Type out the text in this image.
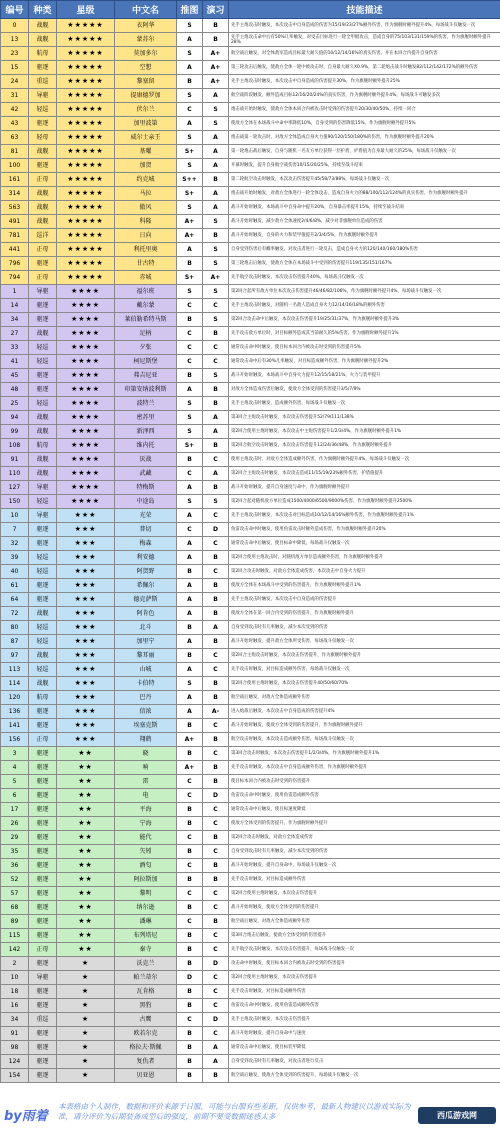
编号	种类	星级	中文名	推图	演习	技能描述
0	战舰	★★★★★	衣阿华	S	B	先手主炮攻击时触发，本次攻击中自身造成的伤害为15/19/23/27%额外伤害，作为旗舰时额外提升4%，每场战斗仅触发一次
13	战舰	★★★★★	蒙苏尔	A	B	先手主炮攻击命中后有50%几率触发，对受击目标进行一轮全甲板攻击，造成自身的75/103/131/159%的伤害，作为旗舰时额外提升28%
23	航母	★★★★★	莫加多尔	S	A+	航空战后触发，对全体敌军造成目标最大耐久值的10/12/14/16%的真实伤害，并在本回合内提升自身伤害
15	驱逐	★★★★★	空想	A	A+	第三轮攻击后触发，使敌方全体一轮中被攻击时，自身最大耐久X0.9%，第二轮炮击战斗时触发82/112/142/172%的额外伤害
24	重巡	★★★★★	黎塞留	B	A+	先手主炮攻击时触发，本次攻击中自身造成的伤害提升30%，作为旗舰时额外提升25%
31	导驱	★★★★★	提康德罗加	S	A	航空战阶段触发，额外造成目标12/16/20/24%的真实伤害，作为旗舰时额外提升4%，每场战斗可触发多次
42	轻巡	★★★★★	伏尔兰	C	S	炮击战开始时触发，使敌方全体本回合内被攻击时受到的伤害提升20/30/40/50%，持续一回合
43	驱逐	★★★★★	加里波第	A	S	使敌方全体在本场战斗中命中率降低10%，自身受到的伤害降低15%，作为旗舰时额外提升5%
63	轻母	★★★★★	威尔士亲王	S	A	炮击战第一轮攻击时，对敌方全体造成自身火力值90/120/150/180%的伤害，作为旗舰时额外提升20%
81	战舰	★★★★★	基曜	S+	A	第一轮炮击战后触发，自身与随机一名友方单位获得一层护盾，护盾值为自身最大耐久的25%，每场战斗仅触发一次
100	驱逐	★★★★★	加贺	S	A	开幕时触发，提升自身航空战伤害10/15/20/25%，持续至战斗结束
161	正母	★★★★★	约克城	S++	B	第二轮航空攻击时触发，本次攻击伤害提升45/58/73/88%，每场战斗仅触发一次
314	战舰	★★★★★	马拉	S+	A	炮击战开始时触发，对敌方全体进行一轮全体攻击，造成自身火力的88/100/112/124%的真实伤害，作为旗舰时额外提升
563	战舰	★★★★★	傲风	S	A	战斗开始时触发，本场战斗中自身命中提升20%，自身暴击率提升15%，持续至战斗结束
491	战舰	★★★★★	科隆	A+	S	战斗开始时触发，减少敌方全体速度2/4/6/8%，减少对非旗舰单位造成的伤害
781	巡洋	★★★★★	日向	A+	B	战斗开始时触发，自身的火力和装甲值提升2/3/4/5%，作为旗舰时额外提升
441	正母	★★★★★	利托里奥	A	S	自身受到伤害后有概率触发，对攻击者进行一轮反击，造成自身火力的120/140/160/180%伤害
796	驱逐	★★★★★	甘古特	B	S	第三轮炮击后触发，使敌方全体在本场战斗中受到的伤害提升119/135/151/167%
794	正母	★★★★★	赤城	S+	A+	先手航空攻击时触发，本次攻击伤害提升40%，每场战斗仅触发一次
1	导驱	★★★★	福尔班	S	S	第2回合起所有敌方单位本次攻击伤害提升46/46/82/106%，作为旗舰时额外提升4%，每场战斗仅触发一次
14	驱逐	★★★★	戴尔蒙	C	C	先手主炮攻击时触发，对随机一名敌人造成自身火力12/14/16/18%的额外伤害
34	驱逐	★★★★	莱伯勒希特马斯	B	S	第2回合攻击命中后触发，本次攻击伤害提升19/25/31/37%，作为旗舰时额外提升3%
27	战舰	★★★★	足柄	C	B	先手攻击敌方单位时，对目标额外造成其当前耐久的5%伤害，作为旗舰时额外提升1%
33	轻巡	★★★★	夕张	C	C	通常攻击命中时触发，使目标本回合内被攻击时受到的伤害提升5%
41	轻巡	★★★★	柯尼斯堡	C	C	通常攻击命中后有30%几率触发，对目标造成额外伤害，作为旗舰时额外提升2%
45	驱逐	★★★★	弗吉尼亚	B	S	战斗开始时触发，本场战斗中自身火力提升12/15/18/21%，火力与装甲提升
48	驱逐	★★★★	印第安纳波利斯	A	B	对敌方全体造成伤害后触发，使敌方全体受到的伤害提升3/5/7/9%
25	轻巡	★★★★	波特兰	S	B	先手主炮攻击时触发，造成额外伤害，每场战斗仅触发一次
94	战舰	★★★★	密苏里	S	A	第3回合主炮攻击时触发，本次攻击伤害提升52/79/111/138%
99	战舰	★★★★	新泽西	S	A	第2回合使用主炮时触发，本次攻击中主炮伤害提升1/2/3/4%，作为旗舰时额外提升1%
108	航母	★★★★	维内托	S+	B	第2回合航空攻击时触发，本次攻击伤害提升12/24/36/48%，作为旗舰时额外提升
91	战舰	★★★★	厌战	B	C	使用主炮攻击时，对敌方全体造成额外伤害，作为旗舰时额外提升4%，每场战斗仅触发一次
110	战舰	★★★★	武藏	C	A	第2回合主炮攻击时触发，本次攻击造成11/15/19/23%额外伤害，护盾值提升
127	导驱	★★★★	特梅斯	A	B	战斗开始时触发，提升自身速度与命中，作为旗舰时额外提升
150	轻巡	★★★★	中途岛	S	S	第2回合起对随机敌方单位造成1500/4000/6500/9000%伤害，作为旗舰时额外提升2500%
10	导驱	★★★	光荣	A	C	先手主炮攻击时触发，本次攻击对目标造成10/12/14/16%额外伤害，作为旗舰时额外提升1%
7	驱逐	★★★	普切	C	D	鱼雷攻击命中时触发，使用鱼雷攻击时额外造成伤害，作为旗舰时额外提升20%
32	驱逐	★★★	梅森	A	C	通常攻击命中后触发，使目标命中降低，每场战斗仅触发一次
39	轻巡	★★★	利安德	A	B	第2回合使用主炮攻击时，对随机敌方单位造成额外伤害，作为旗舰时额外提升
40	轻巡	★★★	阿贺野	B	C	第2回合攻击时触发，对敌方全体造成伤害，本次攻击中自身火力提升
61	驱逐	★★★	希佩尔	A	B	使敌方全体在本场战斗中受到的伤害提升，作为旗舰时额外提升1%
64	驱逐	★★★	德克萨斯	A	B	先手主炮攻击时触发，本次攻击中自身造成的伤害提升
72	战舰	★★★	阿肯色	A	B	使敌方全体在第一回合内受到的伤害提升，作为旗舰时额外提升
80	轻巡	★★★	北斗	B	A	自身受到攻击时有几率触发，减少本次受到的伤害
87	轻巡	★★★	加里宁	A	B	战斗开始时触发，提升敌方全体所受伤害，每场战斗仅触发一次
97	战舰	★★★	黎耳丽	B	C	第2回合主炮攻击时触发，本次攻击伤害提升，作为旗舰时额外提升
113	轻巡	★★★	山城	A	C	先手攻击时触发，对目标造成额外伤害，每场战斗仅触发一次
114	战舰	★★★	卡伯特	S	B	第2回合使用主炮时触发，本次攻击伤害提升40/50/60/70%
120	航母	★★★	巴丹	A	B	航空战后触发，对敌方全体造成额外伤害
136	驱逐	★★★	信浓	A	A-	进入炮战后触发，本次攻击中自身造成的伤害提升4%
141	驱逐	★★★	埃塞克斯	B	C	战斗开始时触发，使敌方全体受到的伤害提升，作为旗舰时额外提升
156	正母	★★★	翔鹤	A+	B	航空攻击时触发，本次攻击造成额外伤害，每场战斗仅触发一次
3	驱逐	★★	晓	B	C	第3回合攻击时触发，本次攻击伤害提升1/2/3/4%，作为旗舰时额外提升1%
4	驱逐	★★	响	A+	B	先手攻击时触发，本次攻击中自身造成额外伤害，作为旗舰时额外提升
5	驱逐	★★	雷	C	B	使目标本回合内被攻击时受到的伤害提升
6	驱逐	★★	电	C	D	鱼雷攻击命中时触发，使用鱼雷造成额外伤害
17	驱逐	★★	平海	B	C	通常攻击命中后触发，使目标速度降低
26	驱逐	★★	宁海	B	C	使敌方全体受到的伤害提升，作为旗舰时额外提升
29	驱逐	★★	能代	C	B	第2回合攻击时触发，对敌方全体造成伤害
35	驱逐	★★	矢矧	B	C	自身受到攻击时有几率触发，减少本次受到的伤害
36	驱逐	★★	酒匂	C	B	战斗开始时触发，提升自身命中，每场战斗仅触发一次
52	驱逐	★★	阿拉斯加	B	B	先手攻击时触发，对目标造成额外伤害
57	驱逐	★★	黎明	C	C	第2回合使用主炮时触发，本次攻击伤害提升
68	驱逐	★★	纳尔逊	B	C	战斗开始时触发，使敌方全体受到的伤害提升
89	驱逐	★★	潘琳	C	B	航空战后触发，对敌方全体造成额外伤害
115	驱逐	★★	布列塔尼	B	C	第3回合炮击后触发，使敌方全体受到的伤害提升
142	正母	★★	秦寺	B	C	先手航空攻击时触发，本次攻击伤害提升，每场战斗仅触发一次
2	驱逐	★	沃克兰	B	D	攻击命中时触发，使目标本回合内被攻击时受到的伤害提升
10	导驱	★	帕兰蒂尔	D	C	第2回合使用主炮时触发，本次攻击伤害提升
18	驱逐	★	瓦肯格	B	C	先手攻击时触发，对目标造成额外伤害
16	驱逐	★	黑豹	B	C	鱼雷攻击命中时触发，使用鱼雷造成额外伤害
34	重巡	★	古鹰	C	D	先手主炮攻击时触发，本次攻击伤害提升
91	驱逐	★	欧若尔克	B	C	战斗开始时触发，提升自身命中与速度
98	驱逐	★	格拉夫·斯佩	B	A	通常攻击命中后触发，使目标装甲降低
124	驱逐	★	复仇者	B	A	自身受到攻击时有几率触发，对攻击者进行反击
154	驱逐	★	贝亚恩	B	B	航空战后触发，使敌方全体受到的伤害提升，每场战斗仅触发一次
by雨着
本表格由个人制作，数据和评价来源于日服，可能与台服有些差距，仅供参考，最新人物建议以游戏实际为准，请分评价为后期装备成型后的强度，前期不要受数据迷惑太多	西瓜游戏网
